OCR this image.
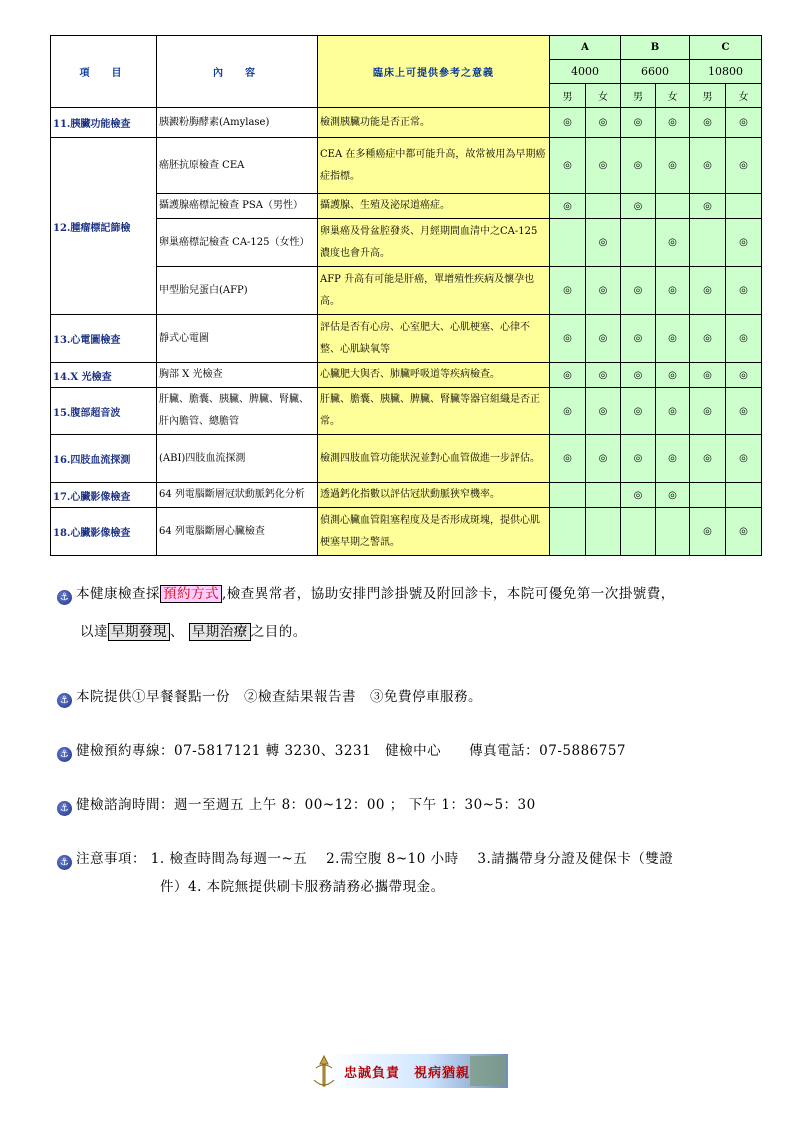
項　目	內　容	臨床上可提供參考之意義	A		B		C	
			4000		6600		10800	
			男	女	男	女	男	女
11.胰臟功能檢查	胰澱粉脢酵素(Amylase)	檢測胰臟功能是否正常。	◎	◎	◎	◎	◎	◎
12.腫瘤標記篩檢	癌胚抗原檢查 CEA	CEA 在多種癌症中都可能升高，故常被用為早期癌症指標。	◎	◎	◎	◎	◎	◎
	攝護腺癌標記檢查 PSA（男性）	攝護腺、生殖及泌尿道癌症。	◎		◎		◎	
	卵巢癌標記檢查 CA-125（女性）	卵巢癌及骨盆腔發炎、月經期間血清中之CA-125 濃度也會升高。		◎		◎		◎
	甲型胎兒蛋白(AFP)	AFP 升高有可能是肝癌，單增殖性疾病及懷孕也高。	◎	◎	◎	◎	◎	◎
13.心電圖檢查	靜式心電圖	評估是否有心房、心室肥大、心肌梗塞、心律不整、心肌缺氧等	◎	◎	◎	◎	◎	◎
14.X 光檢查	胸部 X 光檢查	心臟肥大與否、肺臟呼吸道等疾病檢查。	◎	◎	◎	◎	◎	◎
15.腹部超音波	肝臟、膽囊、胰臟、脾臟、腎臟、肝內膽管、總膽管	肝臟、膽囊、胰臟、脾臟、腎臟等器官組織是否正常。	◎	◎	◎	◎	◎	◎
16.四肢血流探測	(ABI)四肢血流探測	檢測四肢血管功能狀況並對心血管做進一步評估。	◎	◎	◎	◎	◎	◎
17.心臟影像檢查	64 列電腦斷層冠狀動脈鈣化分析	透過鈣化指數以評估冠狀動脈狹窄機率。			◎	◎		
18.心臟影像檢查	64 列電腦斷層心臟檢查	偵測心臟血管阻塞程度及是否形成斑塊，提供心肌梗塞早期之警訊。					◎	◎
⚓ 本健康檢查採 預約方式 ,檢查異常者，協助安排門診掛號及附回診卡，本院可優免第一次掛號費，
以達 早期發現 、 早期治療 之目的。
⚓ 本院提供①早餐餐點一份　②檢查結果報告書　③免費停車服務。
⚓ 健檢預約專線：07-5817121 轉 3230、3231　健檢中心　　傳真電話：07-5886757
⚓ 健檢諮詢時間：週一至週五 上午 8：00~12：00 ； 下午 1：30~5：30
⚓ 注意事項： 1. 檢查時間為每週一~五　 2.需空腹 8~10 小時　 3.請攜帶身分證及健保卡（雙證
件）4. 本院無提供刷卡服務請務必攜帶現金。
忠誠負責　視病猶親
